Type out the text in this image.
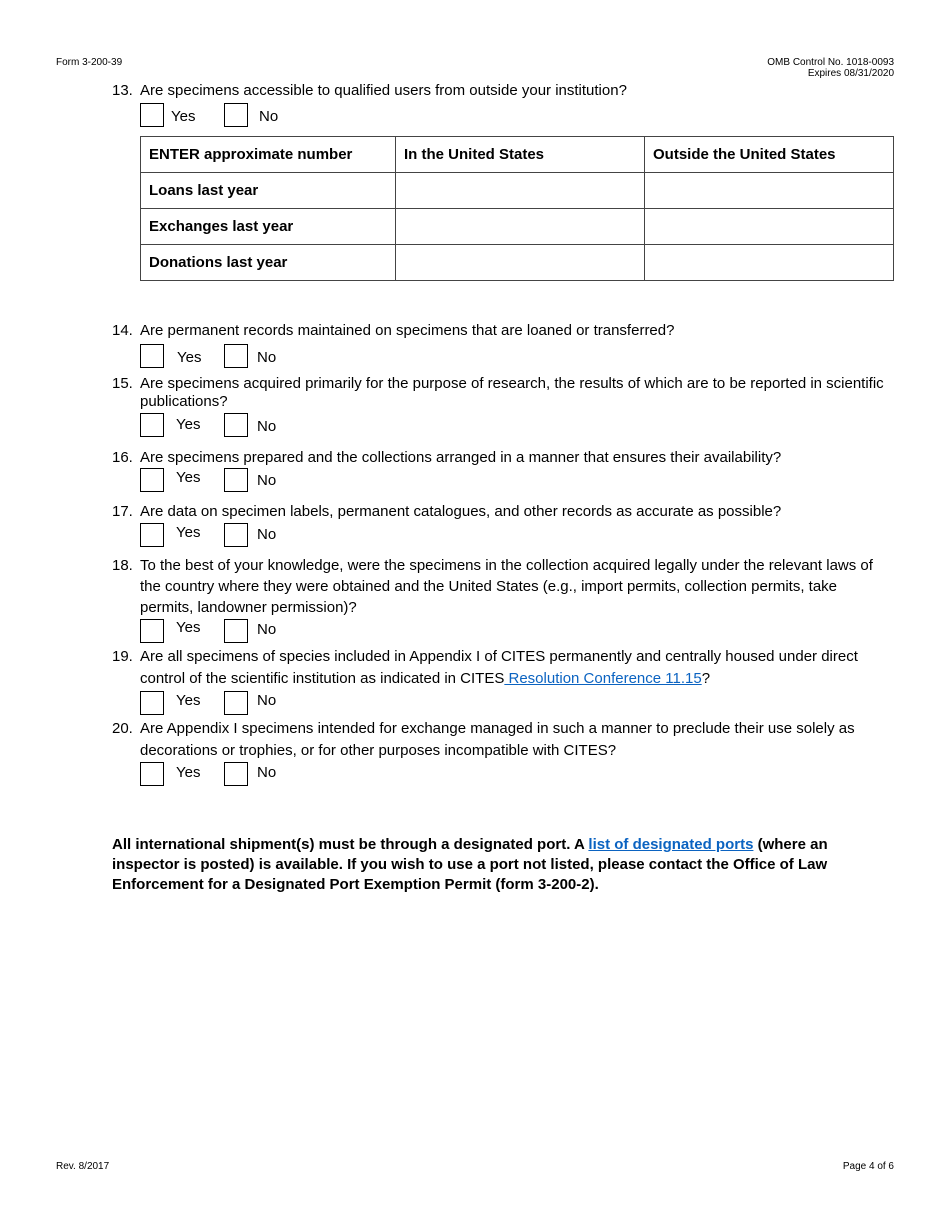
Form 3-200-39	OMB Control No. 1018-0093
Expires 08/31/2020
13. Are specimens accessible to qualified users from outside your institution?
Yes	No
ENTER approximate number	In the United States	Outside the United States
Loans last year		
Exchanges last year		
Donations last year		
14. Are permanent records maintained on specimens that are loaned or transferred?
Yes	No
15. Are specimens acquired primarily for the purpose of research, the results of which are to be reported in scientific publications?
Yes	No
16. Are specimens prepared and the collections arranged in a manner that ensures their availability?
Yes	No
17. Are data on specimen labels, permanent catalogues, and other records as accurate as possible?
Yes	No
18. To the best of your knowledge, were the specimens in the collection acquired legally under the relevant laws of the country where they were obtained and the United States (e.g., import permits, collection permits, take permits, landowner permission)?
Yes	No
19. Are all specimens of species included in Appendix I of CITES permanently and centrally housed under direct control of the scientific institution as indicated in CITES Resolution Conference 11.15?
Yes	No
20. Are Appendix I specimens intended for exchange managed in such a manner to preclude their use solely as decorations or trophies, or for other purposes incompatible with CITES?
Yes	No
All international shipment(s) must be through a designated port. A list of designated ports (where an inspector is posted) is available. If you wish to use a port not listed, please contact the Office of Law Enforcement for a Designated Port Exemption Permit (form 3-200-2).
Rev. 8/2017	Page 4 of 6
